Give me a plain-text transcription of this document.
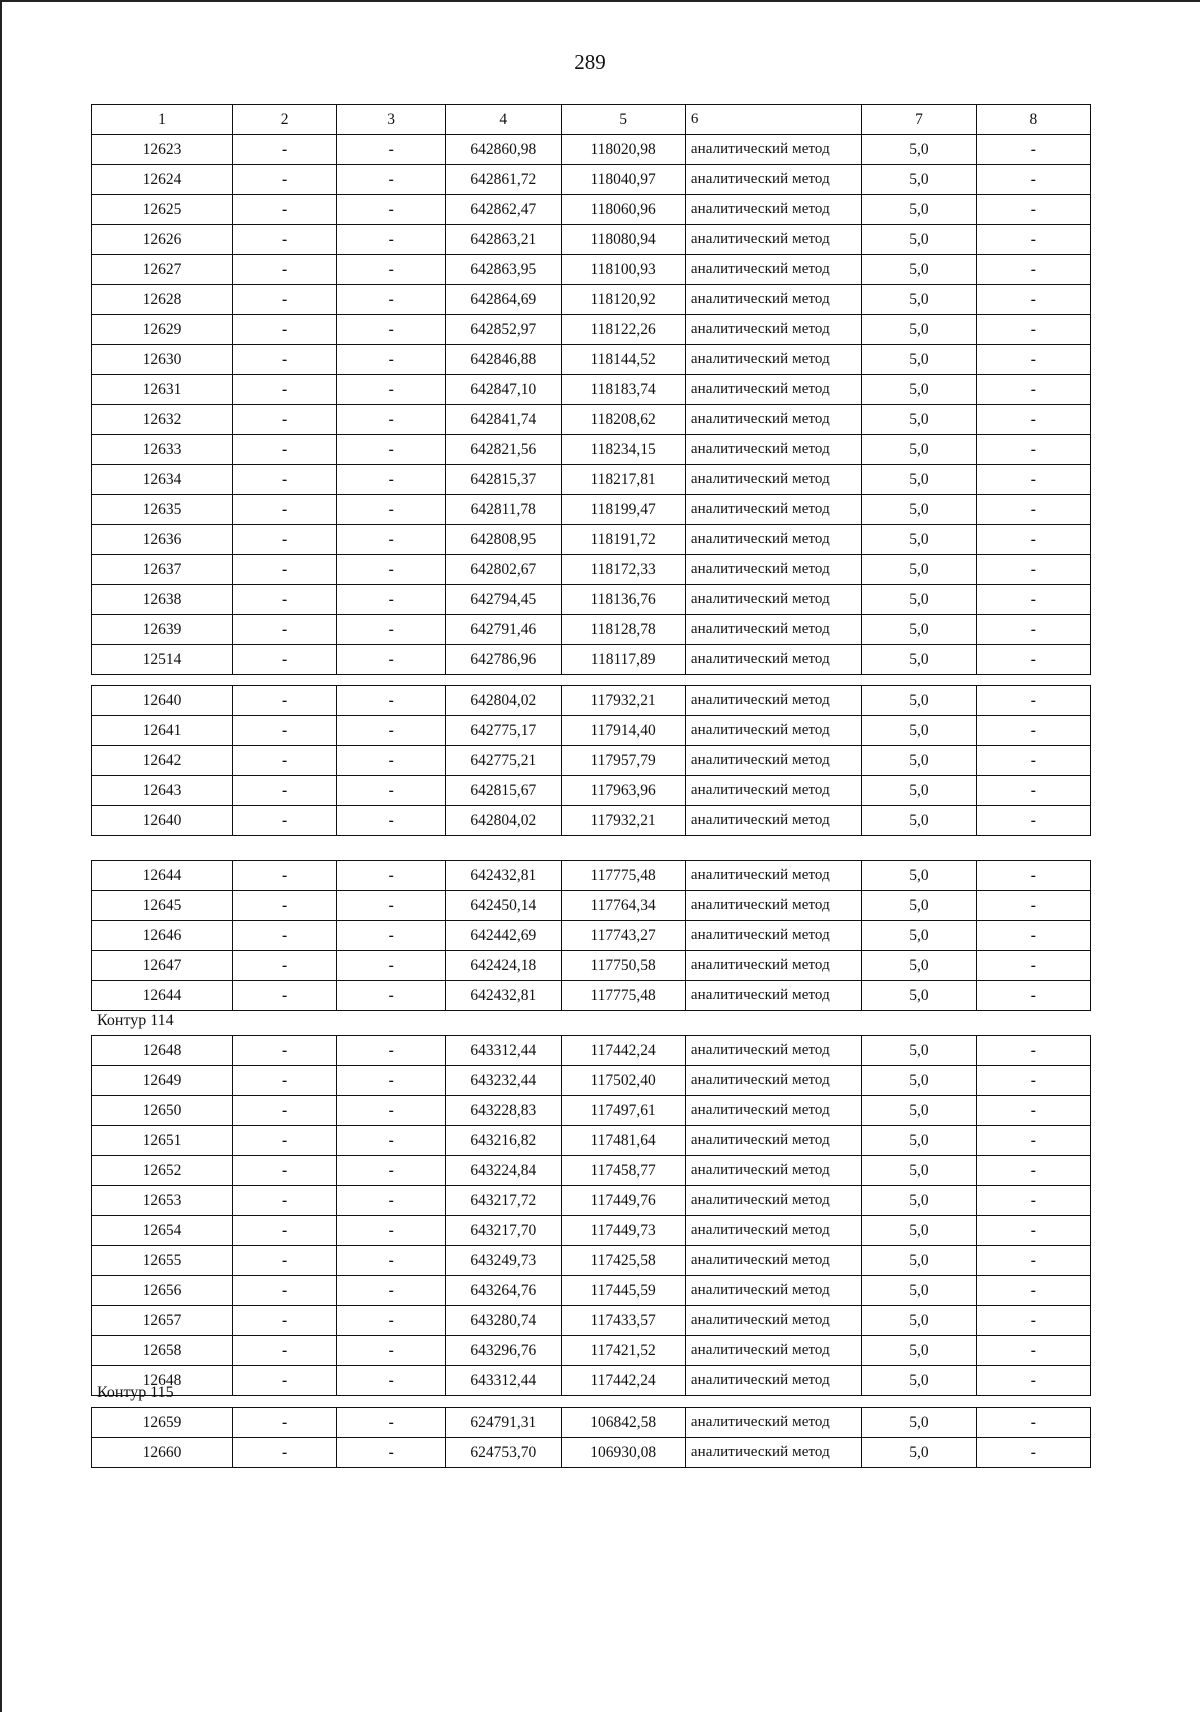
289
1	2	3	4	5	6	7	8
12623	-	-	642860,98	118020,98	аналитический метод	5,0	-
12624	-	-	642861,72	118040,97	аналитический метод	5,0	-
12625	-	-	642862,47	118060,96	аналитический метод	5,0	-
12626	-	-	642863,21	118080,94	аналитический метод	5,0	-
12627	-	-	642863,95	118100,93	аналитический метод	5,0	-
12628	-	-	642864,69	118120,92	аналитический метод	5,0	-
12629	-	-	642852,97	118122,26	аналитический метод	5,0	-
12630	-	-	642846,88	118144,52	аналитический метод	5,0	-
12631	-	-	642847,10	118183,74	аналитический метод	5,0	-
12632	-	-	642841,74	118208,62	аналитический метод	5,0	-
12633	-	-	642821,56	118234,15	аналитический метод	5,0	-
12634	-	-	642815,37	118217,81	аналитический метод	5,0	-
12635	-	-	642811,78	118199,47	аналитический метод	5,0	-
12636	-	-	642808,95	118191,72	аналитический метод	5,0	-
12637	-	-	642802,67	118172,33	аналитический метод	5,0	-
12638	-	-	642794,45	118136,76	аналитический метод	5,0	-
12639	-	-	642791,46	118128,78	аналитический метод	5,0	-
12514	-	-	642786,96	118117,89	аналитический метод	5,0	-
12640	-	-	642804,02	117932,21	аналитический метод	5,0	-
12641	-	-	642775,17	117914,40	аналитический метод	5,0	-
12642	-	-	642775,21	117957,79	аналитический метод	5,0	-
12643	-	-	642815,67	117963,96	аналитический метод	5,0	-
12640	-	-	642804,02	117932,21	аналитический метод	5,0	-
12644	-	-	642432,81	117775,48	аналитический метод	5,0	-
12645	-	-	642450,14	117764,34	аналитический метод	5,0	-
12646	-	-	642442,69	117743,27	аналитический метод	5,0	-
12647	-	-	642424,18	117750,58	аналитический метод	5,0	-
12644	-	-	642432,81	117775,48	аналитический метод	5,0	-
Контур 114
12648	-	-	643312,44	117442,24	аналитический метод	5,0	-
12649	-	-	643232,44	117502,40	аналитический метод	5,0	-
12650	-	-	643228,83	117497,61	аналитический метод	5,0	-
12651	-	-	643216,82	117481,64	аналитический метод	5,0	-
12652	-	-	643224,84	117458,77	аналитический метод	5,0	-
12653	-	-	643217,72	117449,76	аналитический метод	5,0	-
12654	-	-	643217,70	117449,73	аналитический метод	5,0	-
12655	-	-	643249,73	117425,58	аналитический метод	5,0	-
12656	-	-	643264,76	117445,59	аналитический метод	5,0	-
12657	-	-	643280,74	117433,57	аналитический метод	5,0	-
12658	-	-	643296,76	117421,52	аналитический метод	5,0	-
12648	-	-	643312,44	117442,24	аналитический метод	5,0	-
Контур 115
12659	-	-	624791,31	106842,58	аналитический метод	5,0	-
12660	-	-	624753,70	106930,08	аналитический метод	5,0	-
